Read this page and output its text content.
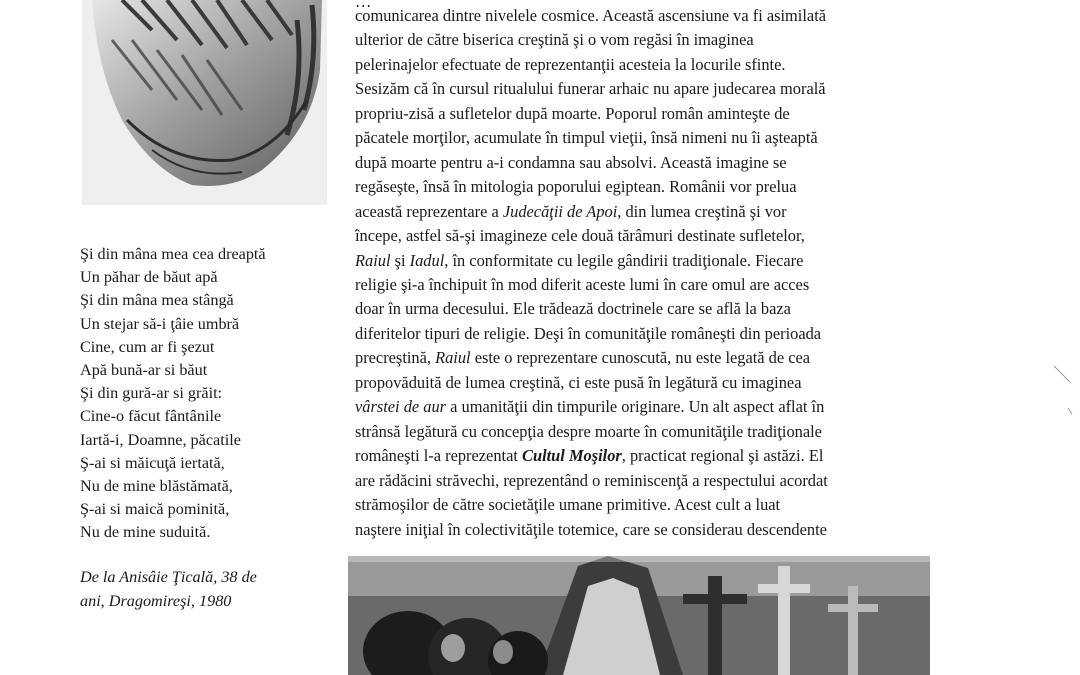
Şi din mâna mea cea dreaptă
Un păhar de băut apă
Şi din mâna mea stângă
Un stejar să-i ţâie umbră
Cine, cum ar fi şezut
Apă bună-ar si băut
Şi din gură-ar si grăit:
Cine-o făcut fântânile
Iartă-i, Doamne, păcatile
Ş-ai si măicuţă iertată,
Nu de mine blăstămată,
Ş-ai si maică pominită,
Nu de mine suduită.
De la Anisâie Ţicală, 38 de
ani, Dragomireşi, 1980
…
comunicarea dintre nivelele cosmice. Această ascensiune va fi asimilată
ulterior de către biserica creştină şi o vom regăsi în imaginea
pelerinajelor efectuate de reprezentanţii acesteia la locurile sfinte.
Sesizăm că în cursul ritualului funerar arhaic nu apare judecarea morală
propriu-zisă a sufletelor după moarte. Poporul român aminteşte de
păcatele morţilor, acumulate în timpul vieţii, însă nimeni nu îi aşteaptă
după moarte pentru a-i condamna sau absolvi. Această imagine se
regăseşte, însă în mitologia poporului egiptean. Românii vor prelua
această reprezentare a Judecăţii de Apoi, din lumea creştină şi vor
începe, astfel să-şi imagineze cele două tărâmuri destinate sufletelor,
Raiul şi Iadul, în conformitate cu legile gândirii tradiţionale. Fiecare
religie şi-a închipuit în mod diferit aceste lumi în care omul are acces
doar în urma decesului. Ele trădează doctrinele care se află la baza
diferitelor tipuri de religie. Deşi în comunităţile româneşti din perioada
precreştină, Raiul este o reprezentare cunoscută, nu este legată de cea
propovăduită de lumea creştină, ci este pusă în legătură cu imaginea
vârstei de aur a umanităţii din timpurile originare. Un alt aspect aflat în
strânsă legătură cu concepţia despre moarte în comunităţile tradiţionale
româneşti l-a reprezentat Cultul Moşilor, practicat regional şi astăzi. El
are rădăcini străvechi, reprezentând o reminiscenţă a respectului acordat
strămoşilor de către societăţile umane primitive. Acest cult a luat
naştere iniţial în colectivităţile totemice, care se considerau descendente
